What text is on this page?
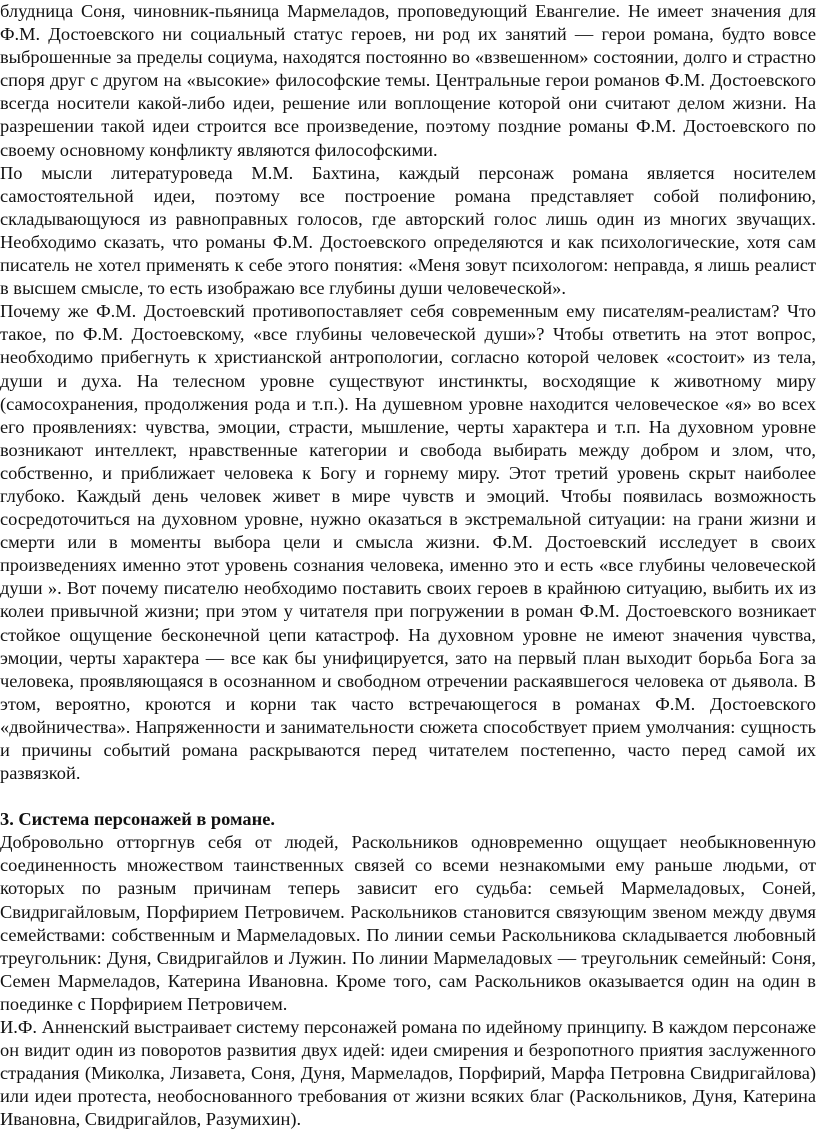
блудница Соня, чиновник-пьяница Мармеладов, проповедующий Евангелие. Не имеет значения для Ф.М. Достоевского ни социальный статус героев, ни род их занятий — герои романа, будто вовсе выброшенные за пределы социума, находятся постоянно во «взвешенном» состоянии, долго и страстно споря друг с другом на «высокие» философские темы. Центральные герои романов Ф.М. Достоевского всегда носители какой-либо идеи, решение или воплощение которой они считают делом жизни. На разрешении такой идеи строится все произведение, поэтому поздние романы Ф.М. Достоевского по своему основному конфликту являются философскими.

По мысли литературоведа М.М. Бахтина, каждый персонаж романа является носителем самостоятельной идеи, поэтому все построение романа представляет собой полифонию, складывающуюся из равноправных голосов, где авторский голос лишь один из многих звучащих. Необходимо сказать, что романы Ф.М. Достоевского определяются и как психологические, хотя сам писатель не хотел применять к себе этого понятия: «Меня зовут психологом: неправда, я лишь реалист в высшем смысле, то есть изображаю все глубины души человеческой».

Почему же Ф.М. Достоевский противопоставляет себя современным ему писателям-реалистам? Что такое, по Ф.М. Достоевскому, «все глубины человеческой души»? Чтобы ответить на этот вопрос, необходимо прибегнуть к христианской антропологии, согласно которой человек «состоит» из тела, души и духа. На телесном уровне существуют инстинкты, восходящие к животному миру (самосохранения, продолжения рода и т.п.). На душевном уровне находится человеческое «я» во всех его проявлениях: чувства, эмоции, страсти, мышление, черты характера и т.п. На духовном уровне возникают интеллект, нравственные категории и свобода выбирать между добром и злом, что, собственно, и приближает человека к Богу и горнему миру. Этот третий уровень скрыт наиболее глубоко. Каждый день человек живет в мире чувств и эмоций. Чтобы появилась возможность сосредоточиться на духовном уровне, нужно оказаться в экстремальной ситуации: на грани жизни и смерти или в моменты выбора цели и смысла жизни. Ф.М. Достоевский исследует в своих произведениях именно этот уровень сознания человека, именно это и есть «все глубины человеческой души ». Вот почему писателю необходимо поставить своих героев в крайнюю ситуацию, выбить их из колеи привычной жизни; при этом у читателя при погружении в роман Ф.М. Достоевского возникает стойкое ощущение бесконечной цепи катастроф. На духовном уровне не имеют значения чувства, эмоции, черты характера — все как бы унифицируется, зато на первый план выходит борьба Бога за человека, проявляющаяся в осознанном и свободном отречении раскаявшегося человека от дьявола. В этом, вероятно, кроются и корни так часто встречающегося в романах Ф.М. Достоевского «двойничества». Напряженности и занимательности сюжета способствует прием умолчания: сущность и причины событий романа раскрываются перед читателем постепенно, часто перед самой их развязкой.

3. Система персонажей в романе.

Добровольно отторгнув себя от людей, Раскольников одновременно ощущает необыкновенную соединенность множеством таинственных связей со всеми незнакомыми ему раньше людьми, от которых по разным причинам теперь зависит его судьба: семьей Мармеладовых, Соней, Свидригайловым, Порфирием Петровичем. Раскольников становится связующим звеном между двумя семействами: собственным и Мармеладовых. По линии семьи Раскольникова складывается любовный треугольник: Дуня, Свидригайлов и Лужин. По линии Мармеладовых — треугольник семейный: Соня, Семен Мармеладов, Катерина Ивановна. Кроме того, сам Раскольников оказывается один на один в поединке с Порфирием Петровичем.

И.Ф. Анненский выстраивает систему персонажей романа по идейному принципу. В каждом персонаже он видит один из поворотов развития двух идей: идеи смирения и безропотного приятия заслуженного страдания (Миколка, Лизавета, Соня, Дуня, Мармеладов, Порфирий, Марфа Петровна Свидригайлова) или идеи протеста, необоснованного требования от жизни всяких благ (Раскольников, Дуня, Катерина Ивановна, Свидригайлов, Разумихин).
